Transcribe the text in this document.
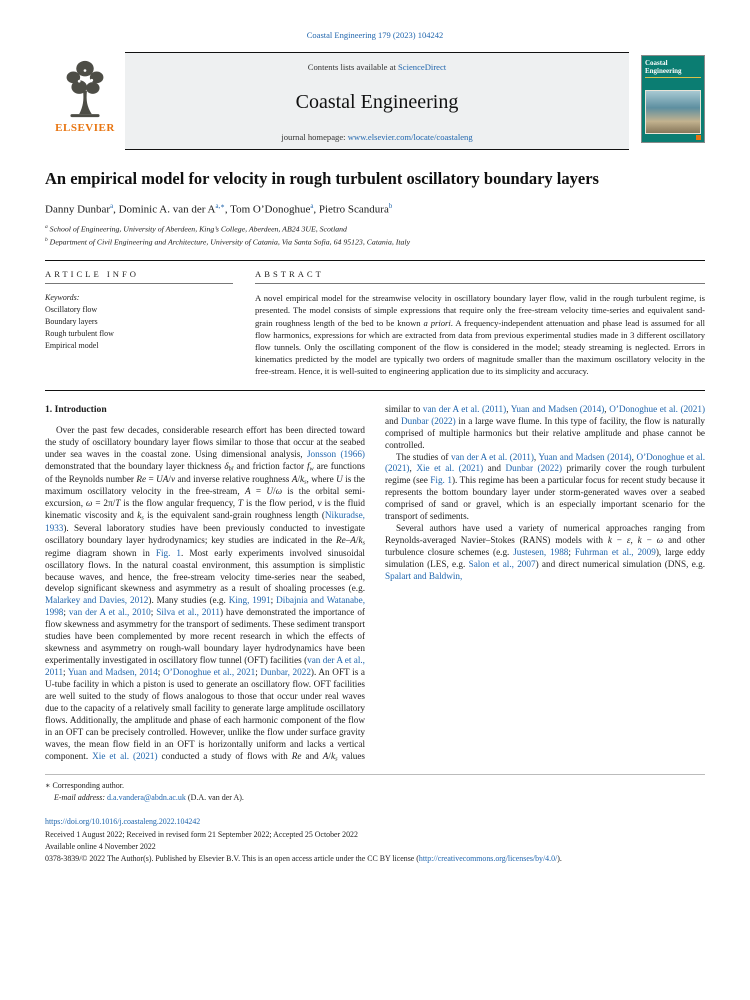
Coastal Engineering 179 (2023) 104242
ELSEVIER
Contents lists available at ScienceDirect
Coastal Engineering
journal homepage: www.elsevier.com/locate/coastaleng
Coastal Engineering
An empirical model for velocity in rough turbulent oscillatory boundary layers
Danny Dunbar$^a$, Dominic A. van der $A^{a,∗}$, Tom O’Donoghue$^a$, Pietro Scandura$^b$
$^a$ School of Engineering, University of Aberdeen, King’s College, Aberdeen, AB24 3UE, Scotland
$^b$ Department of Civil Engineering and Architecture, University of Catania, Via Santa Sofia, 64 95123, Catania, Italy
ARTICLE INFO
Keywords:
Oscillatory flow
Boundary layers
Rough turbulent flow
Empirical model
ABSTRACT
A novel empirical model for the streamwise velocity in oscillatory boundary layer flow, valid in the rough turbulent regime, is presented. The model consists of simple expressions that require only the free-stream velocity time-series and equivalent sand-grain roughness length of the bed to be known a priori. A frequency-independent attenuation and phase lead is assumed for all flow harmonics, expressions for which are extracted from data from previous experimental studies made in 3 different oscillatory flow tunnels. Only the oscillating component of the flow is considered in the model; steady streaming is neglected. Errors in kinematics predicted by the model are typically two orders of magnitude smaller than the maximum oscillatory velocity in the free-stream. Hence, it is well-suited to engineering application due to its simplicity and accuracy.
1. Introduction

Over the past few decades, considerable research effort has been directed toward the study of oscillatory boundary layer flows similar to those that occur at the seabed under sea waves in the coastal zone. Using dimensional analysis, Jonsson (1966) demonstrated that the boundary layer thickness δbl and friction factor fw are functions of the Reynolds number Re = UA/ν and inverse relative roughness A/ks, where U is the maximum oscillatory velocity in the free-stream, A = U/ω is the orbital semi-excursion, ω = 2π/T is the flow angular frequency, T is the flow period, ν is the fluid kinematic viscosity and ks is the equivalent sand-grain roughness length (Nikuradse, 1933). Several laboratory studies have been previously conducted to investigate oscillatory boundary layer hydrodynamics; key studies are indicated in the Re–A/ks regime diagram shown in Fig. 1. Most early experiments involved sinusoidal oscillatory flows. In the natural coastal environment, this assumption is simplistic because waves, and hence, the free-stream velocity time-series near the seabed, develop significant skewness and asymmetry as a result of shoaling processes (e.g. Malarkey and Davies, 2012). Many studies (e.g. King, 1991; Dibajnia and Watanabe, 1998; van der A et al., 2010; Silva et al., 2011) have demonstrated the importance of flow skewness and asymmetry for the transport of sediments. These sediment transport studies have been complemented by more recent research in which the effects of skewness and asymmetry on rough-wall boundary layer hydrodynamics have been experimentally investigated in oscillatory flow tunnel (OFT) facilities (van der A et al., 2011; Yuan and Madsen, 2014; O’Donoghue et al., 2021; Dunbar, 2022). An OFT is a U-tube facility in which a piston is used to generate an oscillatory flow. OFT facilities are well suited to the study of flows analogous to those that occur under real waves due to the capacity of a relatively small facility to generate large amplitude oscillatory flows. Additionally, the amplitude and phase of each harmonic component of the flow in an OFT can be precisely controlled. However, unlike the flow under surface gravity waves, the mean flow field in an OFT is horizontally uniform and lacks a vertical component. Xie et al. (2021) conducted a study of flows with Re and A/ks values similar to van der A et al. (2011), Yuan and Madsen (2014), O’Donoghue et al. (2021) and Dunbar (2022) in a large wave flume. In this type of facility, the flow is naturally comprised of multiple harmonics but their relative amplitude and phase cannot be controlled.

The studies of van der A et al. (2011), Yuan and Madsen (2014), O’Donoghue et al. (2021), Xie et al. (2021) and Dunbar (2022) primarily cover the rough turbulent regime (see Fig. 1). This regime has been a particular focus for recent study because it represents the bottom boundary layer under storm-generated waves over a seabed comprised of sand or gravel, which is an especially important scenario for the transport of sediments.

Several authors have used a variety of numerical approaches ranging from Reynolds-averaged Navier–Stokes (RANS) models with k − ε, k − ω and other turbulence closure schemes (e.g. Justesen, 1988; Fuhrman et al., 2009), large eddy simulation (LES, e.g. Salon et al., 2007) and direct numerical simulation (DNS, e.g. Spalart and Baldwin,

∗ Corresponding author.
E-mail address: d.a.vandera@abdn.ac.uk (D.A. van der A).
https://doi.org/10.1016/j.coastaleng.2022.104242
Received 1 August 2022; Received in revised form 21 September 2022; Accepted 25 October 2022
Available online 4 November 2022
0378-3839/© 2022 The Author(s). Published by Elsevier B.V. This is an open access article under the CC BY license (http://creativecommons.org/licenses/by/4.0/).
